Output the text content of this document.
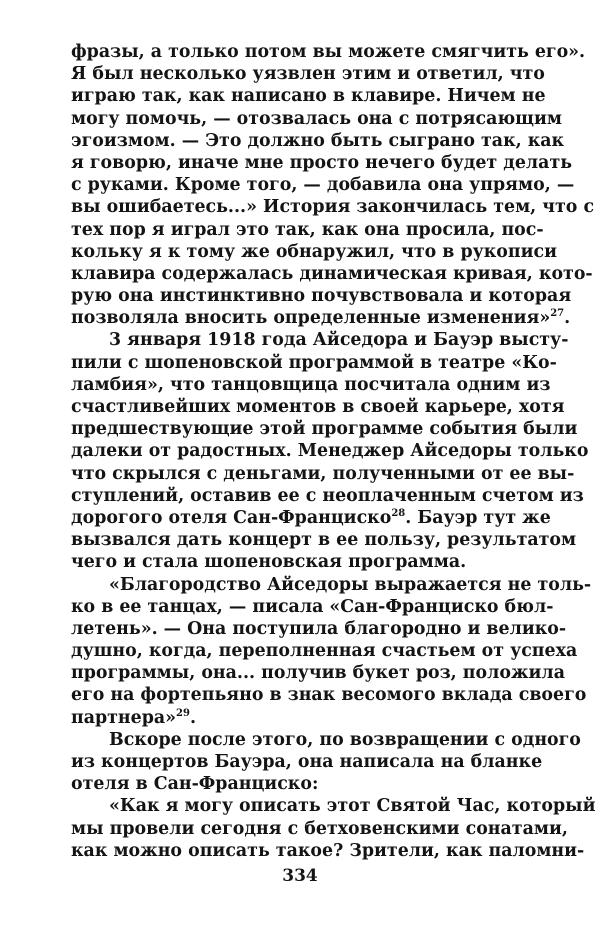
фразы, а только потом вы можете смягчить его».
Я был несколько уязвлен этим и ответил, что
играю так, как написано в клавире. Ничем не
могу помочь, — отозвалась она с потрясающим
эгоизмом. — Это должно быть сыграно так, как
я говорю, иначе мне просто нечего будет делать
с руками. Кроме того, — добавила она упрямо, —
вы ошибаетесь...» История закончилась тем, что с
тех пор я играл это так, как она просила, пос-
кольку я к тому же обнаружил, что в рукописи
клавира содержалась динамическая кривая, кото-
рую она инстинктивно почувствовала и которая
позволяла вносить определенные изменения»$^{27}$.
3 января 1918 года Айседора и Бауэр высту-
пили с шопеновской программой в театре «Ко-
ламбия», что танцовщица посчитала одним из
счастливейших моментов в своей карьере, хотя
предшествующие этой программе события были
далеки от радостных. Менеджер Айседоры только
что скрылся с деньгами, полученными от ее вы-
ступлений, оставив ее с неоплаченным счетом из
дорогого отеля Сан-Франциско$^{28}$. Бауэр тут же
вызвался дать концерт в ее пользу, результатом
чего и стала шопеновская программа.
«Благородство Айседоры выражается не толь-
ко в ее танцах, — писала «Сан-Франциско бюл-
летень». — Она поступила благородно и велико-
душно, когда, переполненная счастьем от успеха
программы, она... получив букет роз, положила
его на фортепьяно в знак весомого вклада своего
партнера»$^{29}$.
Вскоре после этого, по возвращении с одного
из концертов Бауэра, она написала на бланке
отеля в Сан-Франциско:
«Как я могу описать этот Святой Час, который
мы провели сегодня с бетховенскими сонатами,
как можно описать такое? Зрители, как паломни-
334
